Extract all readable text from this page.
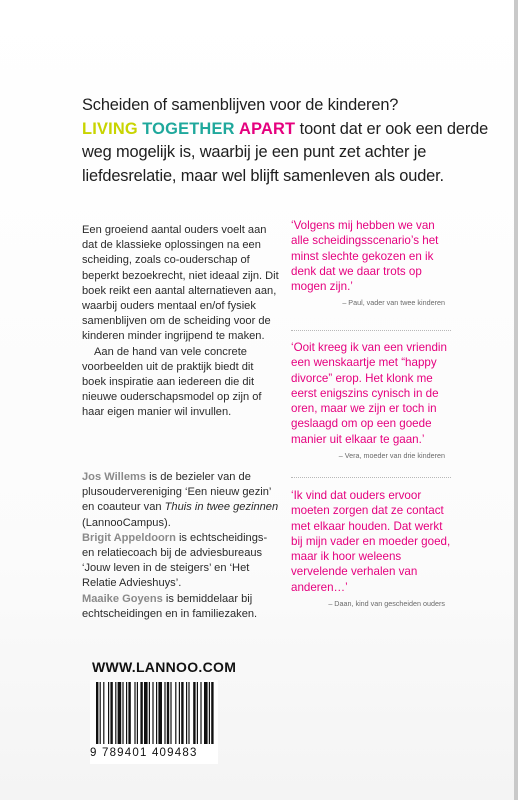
Scheiden of samenblijven voor de kinderen?
LIVING TOGETHER APART toont dat er ook een derde weg mogelijk is, waarbij je een punt zet achter je liefdesrelatie, maar wel blijft samenleven als ouder.

Een groeiend aantal ouders voelt aan dat de klassieke oplossingen na een scheiding, zoals co-ouderschap of beperkt bezoekrecht, niet ideaal zijn. Dit boek reikt een aantal alternatieven aan, waarbij ouders mentaal en/of fysiek samenblijven om de scheiding voor de kinderen minder ingrijpend te maken.

Aan de hand van vele concrete voorbeelden uit de praktijk biedt dit boek inspiratie aan iedereen die dit nieuwe ouderschapsmodel op zijn of haar eigen manier wil invullen.

Jos Willems is de bezieler van de plusoudervereniging ‘Een nieuw gezin’ en coauteur van Thuis in twee gezinnen (LannooCampus).

Brigit Appeldoorn is echtscheidings- en relatiecoach bij de adviesbureaus ‘Jouw leven in de steigers’ en ‘Het Relatie Advieshuys’.

Maaike Goyens is bemiddelaar bij echtscheidingen en in familiezaken.

‘Volgens mij hebben we van alle scheidingsscenario’s het minst slechte gekozen en ik denk dat we daar trots op mogen zijn.’
– Paul, vader van twee kinderen
‘Ooit kreeg ik van een vriendin een wenskaartje met “happy divorce” erop. Het klonk me eerst enigszins cynisch in de oren, maar we zijn er toch in geslaagd om op een goede manier uit elkaar te gaan.’
– Vera, moeder van drie kinderen
‘Ik vind dat ouders ervoor moeten zorgen dat ze contact met elkaar houden. Dat werkt bij mijn vader en moeder goed, maar ik hoor weleens vervelende verhalen van anderen…’
– Daan, kind van gescheiden ouders
WWW.LANNOO.COM
9 789401 409483
